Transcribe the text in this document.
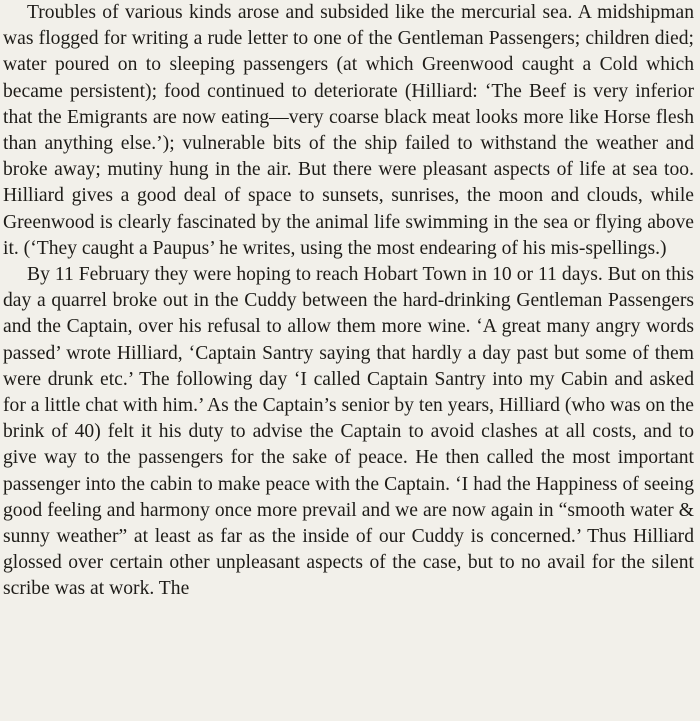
Troubles of various kinds arose and subsided like the mercurial sea. A midshipman was flogged for writing a rude letter to one of the Gentleman Passengers; children died; water poured on to sleeping passengers (at which Greenwood caught a Cold which became persistent); food continued to deteriorate (Hilliard: ‘The Beef is very inferior that the Emigrants are now eating—very coarse black meat looks more like Horse flesh than anything else.’); vulnerable bits of the ship failed to withstand the weather and broke away; mutiny hung in the air. But there were pleasant aspects of life at sea too. Hilliard gives a good deal of space to sunsets, sunrises, the moon and clouds, while Greenwood is clearly fascinated by the animal life swimming in the sea or flying above it. (‘They caught a Paupus’ he writes, using the most endearing of his mis-spellings.)

By 11 February they were hoping to reach Hobart Town in 10 or 11 days. But on this day a quarrel broke out in the Cuddy between the hard-drinking Gentleman Passengers and the Captain, over his refusal to allow them more wine. ‘A great many angry words passed’ wrote Hilliard, ‘Captain Santry saying that hardly a day past but some of them were drunk etc.’ The following day ‘I called Captain Santry into my Cabin and asked for a little chat with him.’ As the Captain’s senior by ten years, Hilliard (who was on the brink of 40) felt it his duty to advise the Captain to avoid clashes at all costs, and to give way to the passengers for the sake of peace. He then called the most important passenger into the cabin to make peace with the Captain. ‘I had the Happiness of seeing good feeling and harmony once more prevail and we are now again in “smooth water & sunny weather” at least as far as the inside of our Cuddy is concerned.’ Thus Hilliard glossed over certain other unpleasant aspects of the case, but to no avail for the silent scribe was at work. The
